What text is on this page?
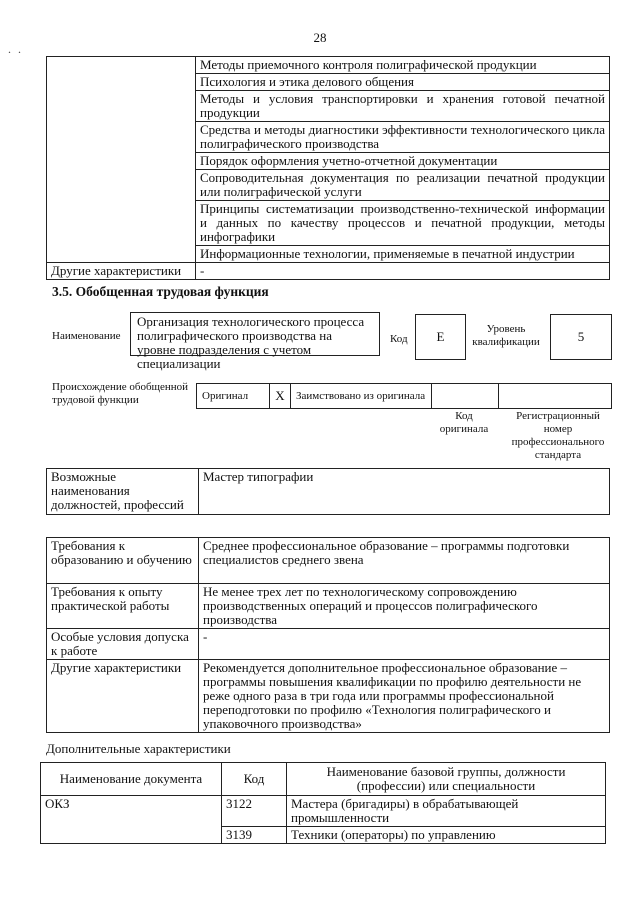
28
. .
	Методы приемочного контроля полиграфической продукции
	Психология и этика делового общения
	Методы и условия транспортировки и хранения готовой печатной продукции
	Средства и методы диагностики эффективности технологического цикла полиграфического производства
	Порядок оформления учетно-отчетной документации
	Сопроводительная документация по реализации печатной продукции или полиграфической услуги
	Принципы систематизации производственно-технической информации и данных по качеству процессов и печатной продукции, методы инфографики
	Информационные технологии, применяемые в печатной индустрии
Другие характеристики	-
3.5. Обобщенная трудовая функция
Наименование
Организация технологического процесса полиграфического производства на уровне подразделения с учетом специализации
Код	E	Уровень квалификации	5
Происхождение обобщенной трудовой функции	Оригинал	X	Заимствовано из оригинала		
Код оригинала
Регистрационный номер профессионального стандарта
Возможные наименования должностей, профессий	Мастер типографии
Требования к образованию и обучению	Среднее профессиональное образование – программы подготовки специалистов среднего звена
Требования к опыту практической работы	Не менее трех лет по технологическому сопровождению производственных операций и процессов полиграфического производства
Особые условия допуска к работе	-
Другие характеристики	Рекомендуется дополнительное профессиональное образование – программы повышения квалификации по профилю деятельности не реже одного раза в три года или программы профессиональной переподготовки по профилю «Технология полиграфического и упаковочного производства»
Дополнительные характеристики
Наименование документа	Код	Наименование базовой группы, должности (профессии) или специальности
ОКЗ	3122	Мастера (бригадиры) в обрабатывающей промышленности
	3139	Техники (операторы) по управлению
